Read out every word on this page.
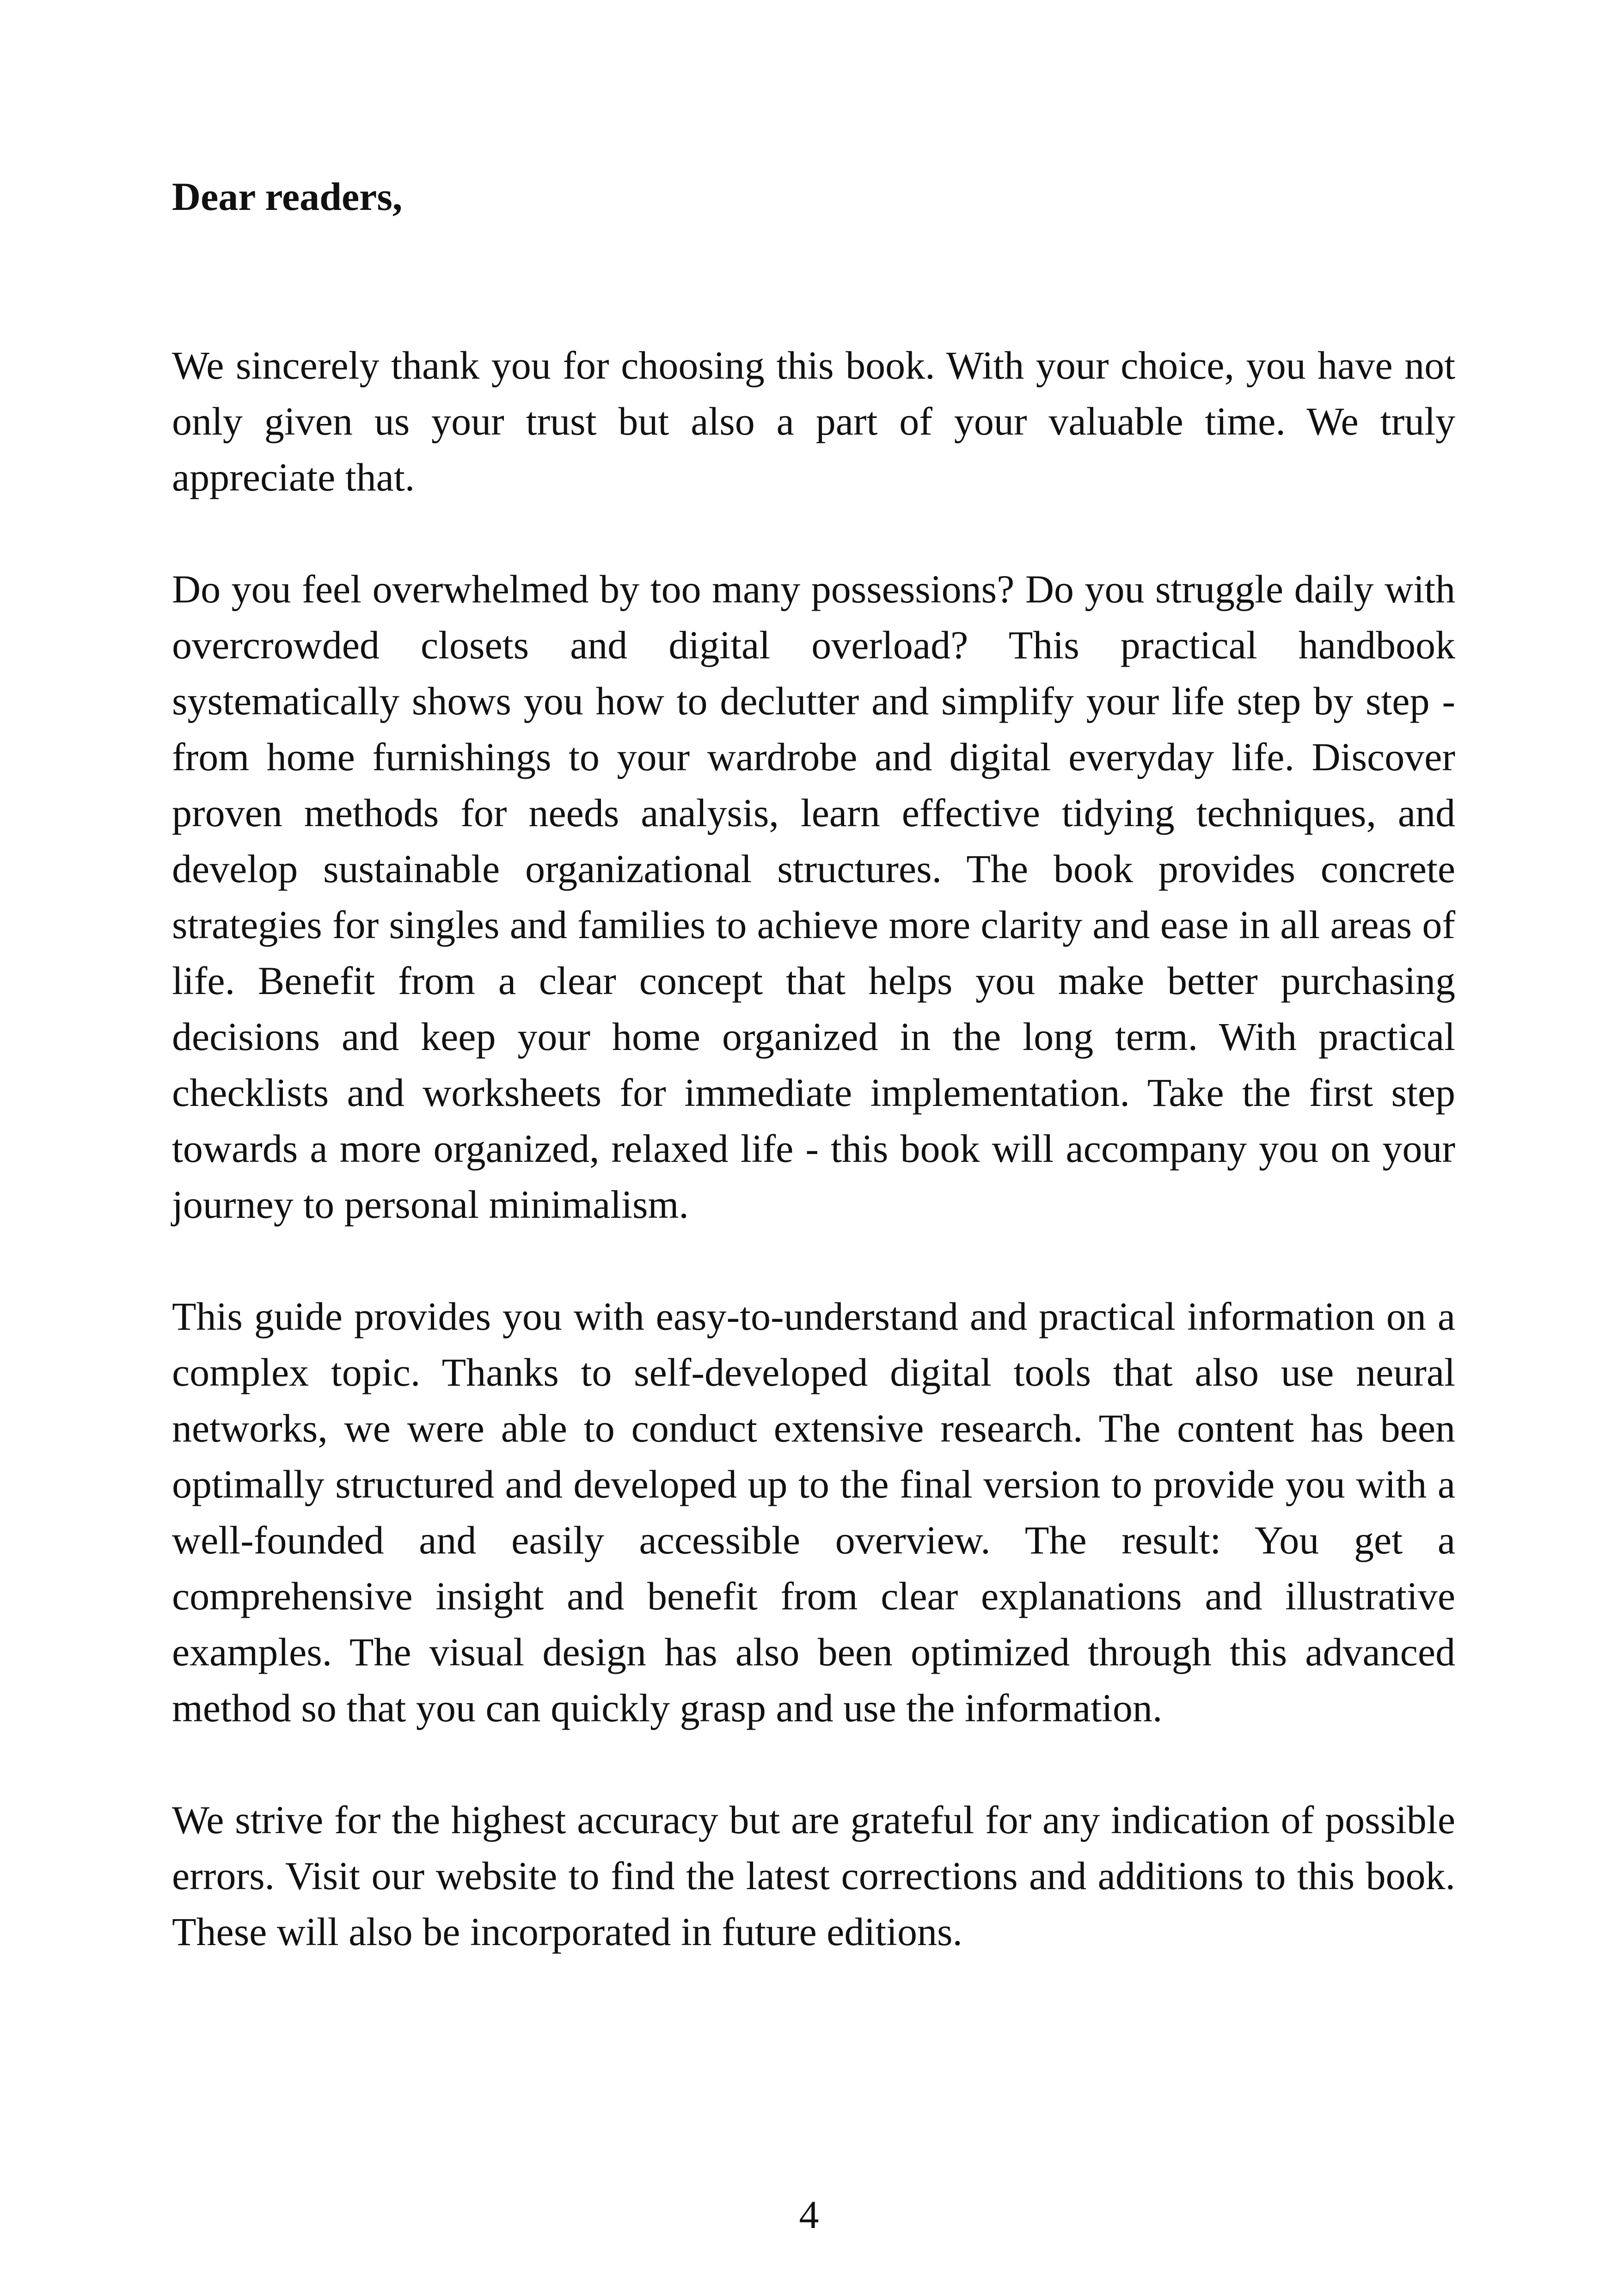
Dear readers,

We sincerely thank you for choosing this book. With your choice, you have not only given us your trust but also a part of your valuable time. We truly appreciate that.

Do you feel overwhelmed by too many possessions? Do you struggle daily with overcrowded closets and digital overload? This practical handbook systematically shows you how to declutter and simplify your life step by step - from home furnishings to your wardrobe and digital everyday life. Discover proven methods for needs analysis, learn effective tidying techniques, and develop sustainable organizational structures. The book provides concrete strategies for singles and families to achieve more clarity and ease in all areas of life. Benefit from a clear concept that helps you make better purchasing decisions and keep your home organized in the long term. With practical checklists and worksheets for immediate implementation. Take the first step towards a more organized, relaxed life - this book will accompany you on your journey to personal minimalism.

This guide provides you with easy-to-understand and practical information on a complex topic. Thanks to self-developed digital tools that also use neural networks, we were able to conduct extensive research. The content has been optimally structured and developed up to the final version to provide you with a well-founded and easily accessible overview. The result: You get a comprehensive insight and benefit from clear explanations and illustrative examples. The visual design has also been optimized through this advanced method so that you can quickly grasp and use the information.

We strive for the highest accuracy but are grateful for any indication of possible errors. Visit our website to find the latest corrections and additions to this book. These will also be incorporated in future editions.

4
